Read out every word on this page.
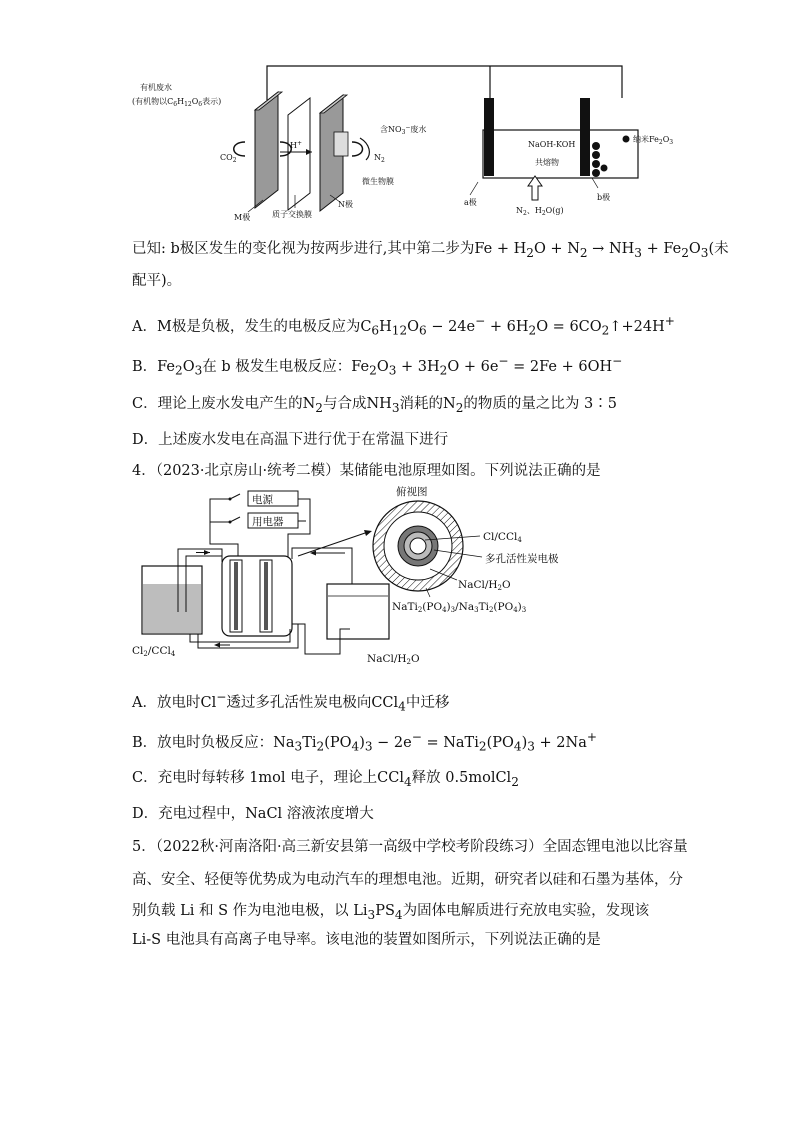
有机废水
(有机物以$C_6H_{12}O_6$表示)
$CO_2$
H+
含$NO_3^-$废水
$N_2$
微生物膜
M极	质子交换膜
N极
NaOH-KOH
共熔物
a极
b极
$N_2$、$H_2O(g)$
纳米$Fe_2O_3$
已知: b极区发生的变化视为按两步进行,其中第二步为$Fe + H_2O + N_2 \to NH_3 + Fe_2O_3$(未
配平)。
A．M极是负极，发生的电极反应为$C_6H_{12}O_6 - 24e^- + 6H_2O$ = $6CO_2↑+24H^+$
B．$Fe_2O_3$在 b 极发生电极反应：$Fe_2O_3 + 3H_2O + 6e^- = 2Fe + 6OH^-$
C．理论上废水发电产生的$N_2$与合成$NH_3$消耗的$N_2$的物质的量之比为 3∶5
D．上述废水发电在高温下进行优于在常温下进行
4．（2023·北京房山·统考二模）某储能电池原理如图。下列说法正确的是
电源
用电器
俯视图
Cl/CCl4
多孔活性炭电极
NaCl/H2O
NaTi2(PO4)3/Na3Ti2(PO4)3
Cl2/CCl4	NaCl/H2O
A．放电时Cl−透过多孔活性炭电极向CCl$_4$中迁移
B．放电时负极反应：$Na_3Ti_2(PO_4)_3 - 2e^-$ = $NaTi_2(PO_4)_3 + 2Na^+$
C．充电时每转移 1mol 电子，理论上CCl$_4$释放 0.5molCl$_2$
D．充电过程中，NaCl 溶液浓度增大
5．（2022秋·河南洛阳·高三新安县第一高级中学校考阶段练习）全固态锂电池以比容量
高、安全、轻便等优势成为电动汽车的理想电池。近期，研究者以硅和石墨为基体，分
别负载 Li 和 S 作为电池电极，以 $Li_3PS_4$为固体电解质进行充放电实验，发现该
Li-S 电池具有高离子电导率。该电池的装置如图所示，下列说法正确的是
